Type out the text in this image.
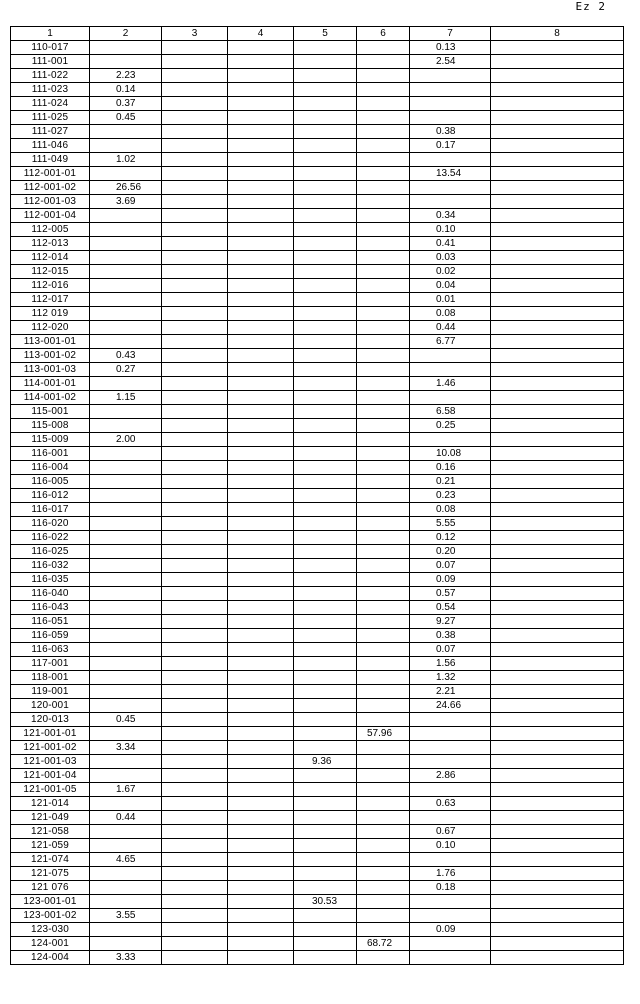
Ez 2
1	2	3	4	5	6	7	8
110-017						0.13	
111-001						2.54	
111-022	2.23						
111-023	0.14						
111-024	0.37						
111-025	0.45						
111-027						0.38	
111-046						0.17	
111-049	1.02						
112-001-01						13.54	
112-001-02	26.56						
112-001-03	3.69						
112-001-04						0.34	
112-005						0.10	
112-013						0.41	
112-014						0.03	
112-015						0.02	
112-016						0.04	
112-017						0.01	
112 019						0.08	
112-020						0.44	
113-001-01						6.77	
113-001-02	0.43						
113-001-03	0.27						
114-001-01						1.46	
114-001-02	1.15						
115-001						6.58	
115-008						0.25	
115-009	2.00						
116-001						10.08	
116-004						0.16	
116-005						0.21	
116-012						0.23	
116-017						0.08	
116-020						5.55	
116-022						0.12	
116-025						0.20	
116-032						0.07	
116-035						0.09	
116-040						0.57	
116-043						0.54	
116-051						9.27	
116-059						0.38	
116-063						0.07	
117-001						1.56	
118-001						1.32	
119-001						2.21	
120-001						24.66	
120-013	0.45						
121-001-01					57.96		
121-001-02	3.34						
121-001-03				9.36			
121-001-04						2.86	
121-001-05	1.67						
121-014						0.63	
121-049	0.44						
121-058						0.67	
121-059						0.10	
121-074	4.65						
121-075						1.76	
121 076						0.18	
123-001-01				30.53			
123-001-02	3.55						
123-030						0.09	
124-001					68.72		
124-004	3.33						
